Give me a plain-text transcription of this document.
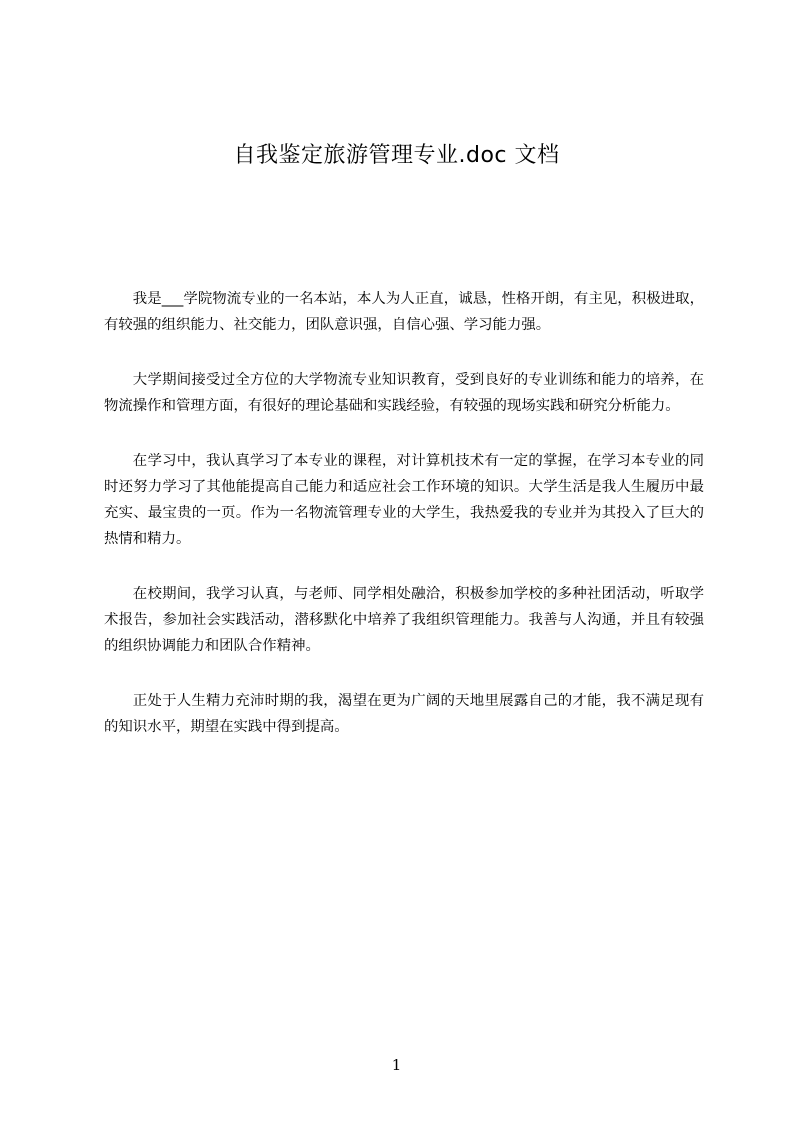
自我鉴定旅游管理专业.doc 文档

我是___学院物流专业的一名本站，本人为人正直，诚恳，性格开朗，有主见，积极进取，有较强的组织能力、社交能力，团队意识强，自信心强、学习能力强。

大学期间接受过全方位的大学物流专业知识教育，受到良好的专业训练和能力的培养，在物流操作和管理方面，有很好的理论基础和实践经验，有较强的现场实践和研究分析能力。

在学习中，我认真学习了本专业的课程，对计算机技术有一定的掌握，在学习本专业的同时还努力学习了其他能提高自己能力和适应社会工作环境的知识。大学生活是我人生履历中最充实、最宝贵的一页。作为一名物流管理专业的大学生，我热爱我的专业并为其投入了巨大的热情和精力。

在校期间，我学习认真，与老师、同学相处融洽，积极参加学校的多种社团活动，听取学术报告，参加社会实践活动，潜移默化中培养了我组织管理能力。我善与人沟通，并且有较强的组织协调能力和团队合作精神。

正处于人生精力充沛时期的我，渴望在更为广阔的天地里展露自己的才能，我不满足现有的知识水平，期望在实践中得到提高。

1
